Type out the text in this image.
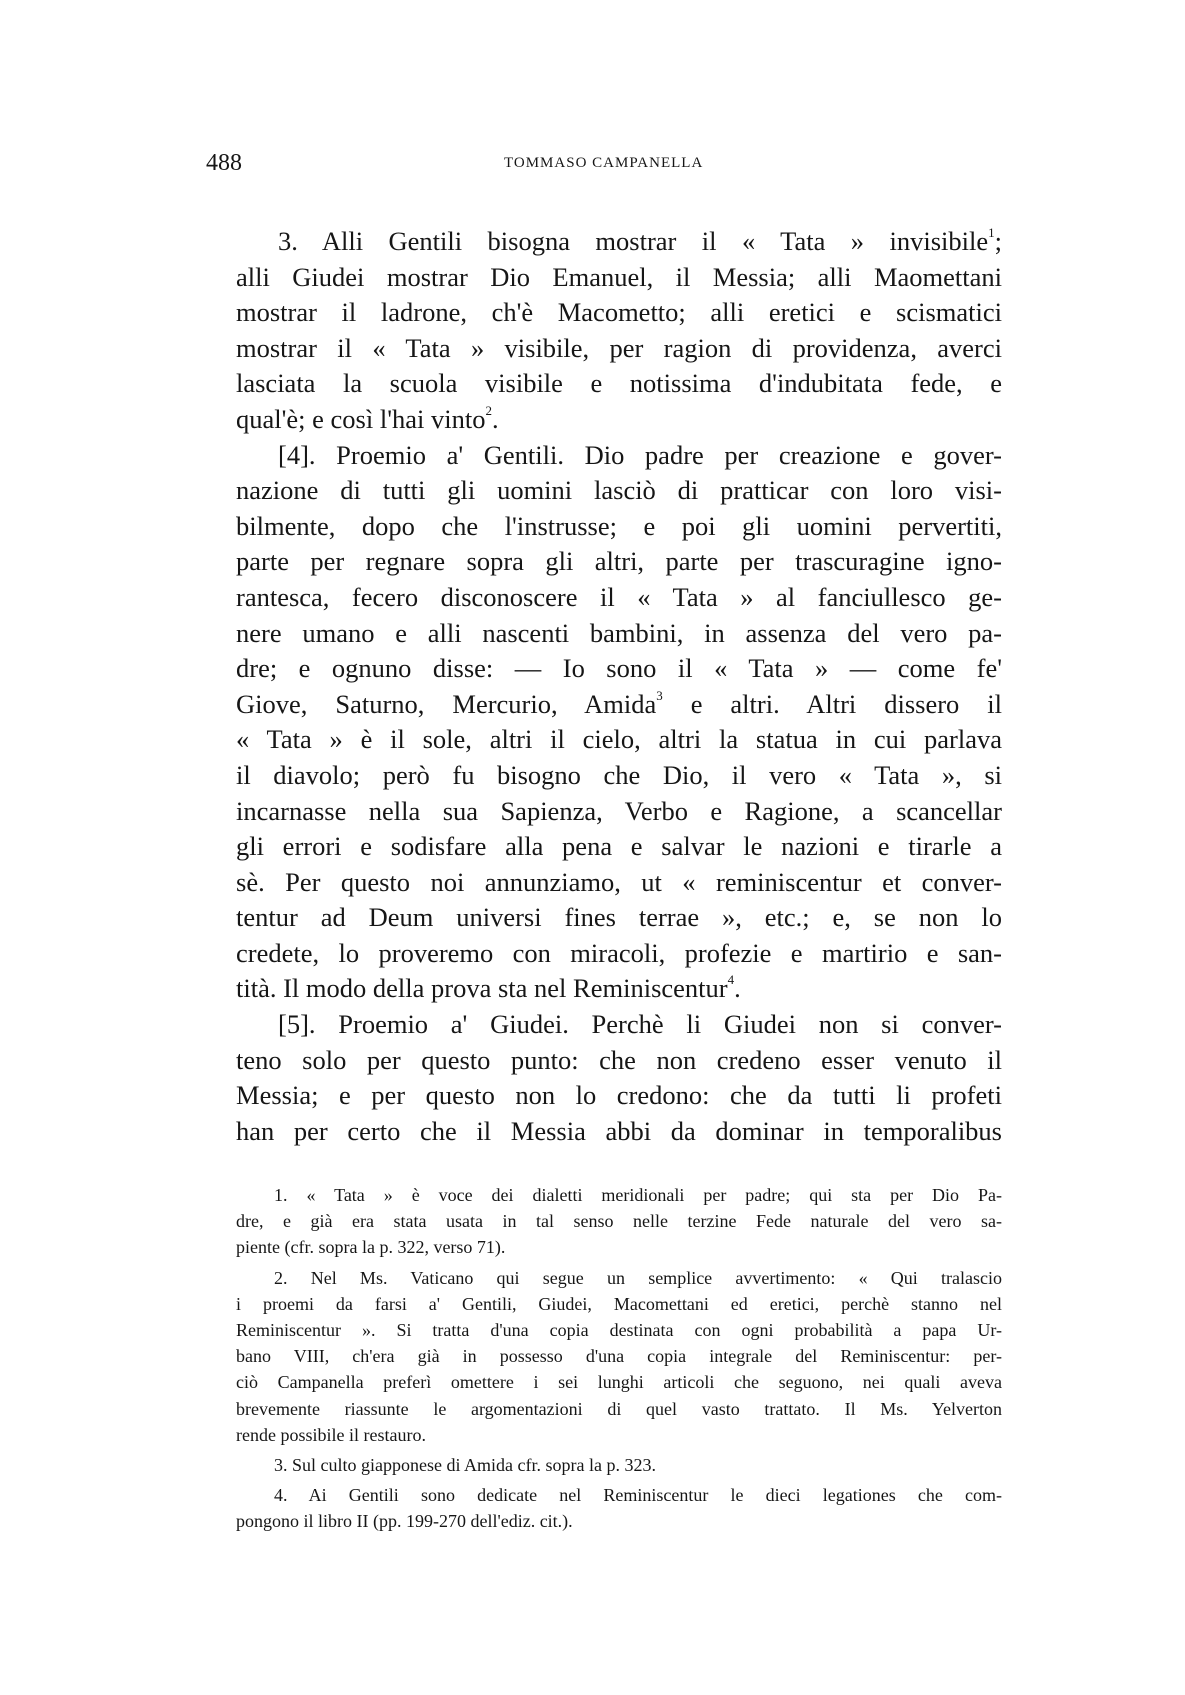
488	TOMMASO CAMPANELLA
3. Alli Gentili bisogna mostrar il « Tata » invisibile$^1$;
alli Giudei mostrar Dio Emanuel, il Messia; alli Maomettani
mostrar il ladrone, ch'è Macometto; alli eretici e scismatici
mostrar il « Tata » visibile, per ragion di providenza, averci
lasciata la scuola visibile e notissima d'indubitata fede, e
qual'è; e così l'hai vinto$^2$.
[4]. Proemio a' Gentili. Dio padre per creazione e gover-
nazione di tutti gli uomini lasciò di pratticar con loro visi-
bilmente, dopo che l'instrusse; e poi gli uomini pervertiti,
parte per regnare sopra gli altri, parte per trascuragine igno-
rantesca, fecero disconoscere il « Tata » al fanciullesco ge-
nere umano e alli nascenti bambini, in assenza del vero pa-
dre; e ognuno disse: — Io sono il « Tata » — come fe'
Giove, Saturno, Mercurio, Amida$^3$ e altri. Altri dissero il
« Tata » è il sole, altri il cielo, altri la statua in cui parlava
il diavolo; però fu bisogno che Dio, il vero « Tata », si
incarnasse nella sua Sapienza, Verbo e Ragione, a scancellar
gli errori e sodisfare alla pena e salvar le nazioni e tirarle a
sè. Per questo noi annunziamo, ut « reminiscentur et conver-
tentur ad Deum universi fines terrae », etc.; e, se non lo
credete, lo proveremo con miracoli, profezie e martirio e san-
tità. Il modo della prova sta nel Reminiscentur$^4$.
[5]. Proemio a' Giudei. Perchè li Giudei non si conver-
teno solo per questo punto: che non credeno esser venuto il
Messia; e per questo non lo credono: che da tutti li profeti
han per certo che il Messia abbi da dominar in temporalibus
1. « Tata » è voce dei dialetti meridionali per padre; qui sta per Dio Pa-
dre, e già era stata usata in tal senso nelle terzine Fede naturale del vero sa-
piente (cfr. sopra la p. 322, verso 71).
2. Nel Ms. Vaticano qui segue un semplice avvertimento: « Qui tralascio
i proemi da farsi a' Gentili, Giudei, Macomettani ed eretici, perchè stanno nel
Reminiscentur ». Si tratta d'una copia destinata con ogni probabilità a papa Ur-
bano VIII, ch'era già in possesso d'una copia integrale del Reminiscentur: per-
ciò Campanella preferì omettere i sei lunghi articoli che seguono, nei quali aveva
brevemente riassunte le argomentazioni di quel vasto trattato. Il Ms. Yelverton
rende possibile il restauro.
3. Sul culto giapponese di Amida cfr. sopra la p. 323.
4. Ai Gentili sono dedicate nel Reminiscentur le dieci legationes che com-
pongono il libro II (pp. 199-270 dell'ediz. cit.).
